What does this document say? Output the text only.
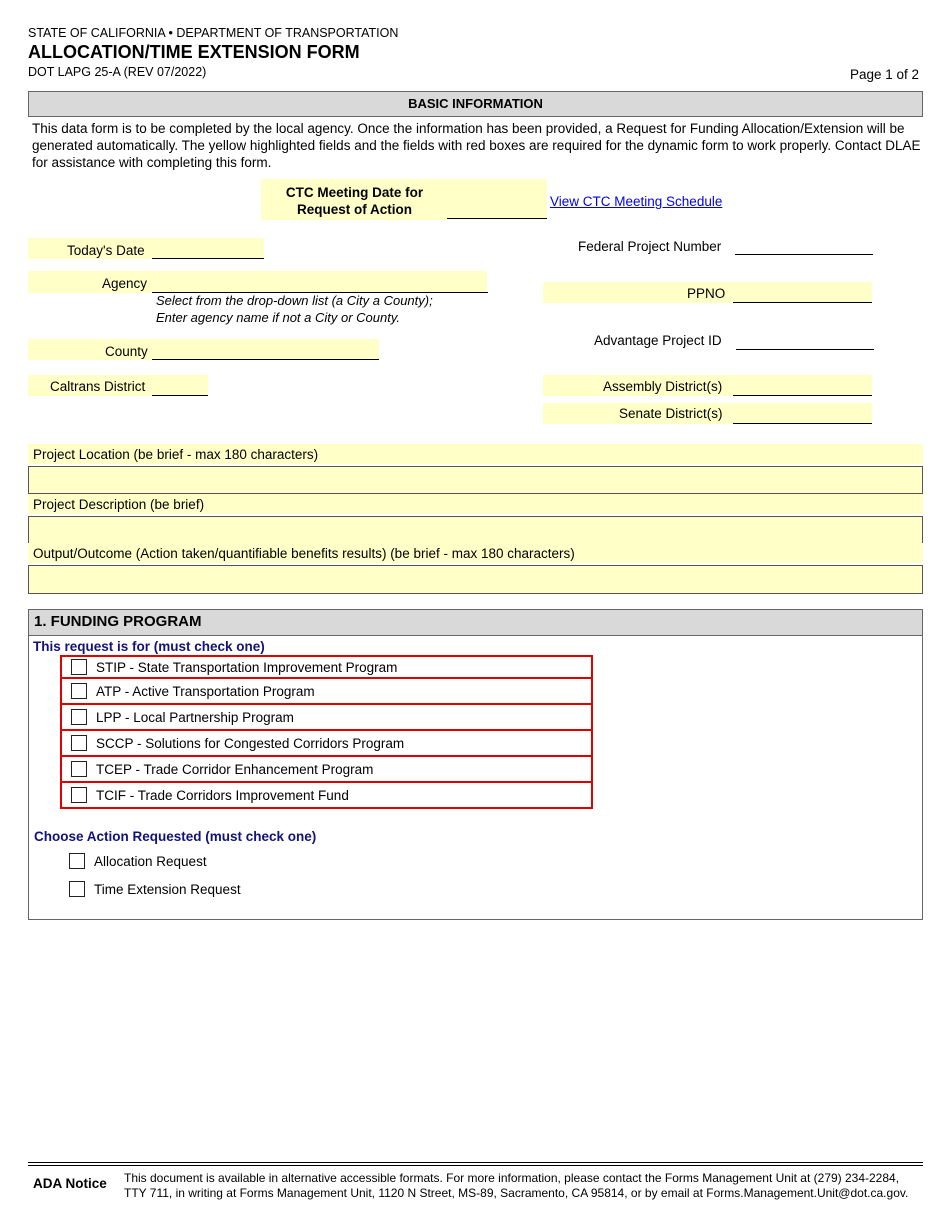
STATE OF CALIFORNIA • DEPARTMENT OF TRANSPORTATION
ALLOCATION/TIME EXTENSION FORM
DOT LAPG 25-A (REV 07/2022)	Page 1 of 2
BASIC INFORMATION
This data form is to be completed by the local agency. Once the information has been provided, a Request for Funding Allocation/Extension will be generated automatically. The yellow highlighted fields and the fields with red boxes are required for the dynamic form to work properly. Contact DLAE for assistance with completing this form.
CTC Meeting Date for Request of Action
View CTC Meeting Schedule
Today's Date
Agency
Select from the drop-down list (a City a County); Enter agency name if not a City or County.
County
Caltrans District
Federal Project Number
PPNO
Advantage Project ID
Assembly District(s)
Senate District(s)
Project Location (be brief - max 180 characters)
Project Description (be brief)
Output/Outcome (Action taken/quantifiable benefits results) (be brief - max 180 characters)
1. FUNDING PROGRAM
This request is for (must check one)
STIP - State Transportation Improvement Program
ATP - Active Transportation Program
LPP - Local Partnership Program
SCCP - Solutions for Congested Corridors Program
TCEP - Trade Corridor Enhancement Program
TCIF - Trade Corridors Improvement Fund
Choose Action Requested (must check one)
Allocation Request
Time Extension Request
ADA Notice This document is available in alternative accessible formats. For more information, please contact the Forms Management Unit at (279) 234-2284,
TTY 711, in writing at Forms Management Unit, 1120 N Street, MS-89, Sacramento, CA 95814, or by email at Forms.Management.Unit@dot.ca.gov.
